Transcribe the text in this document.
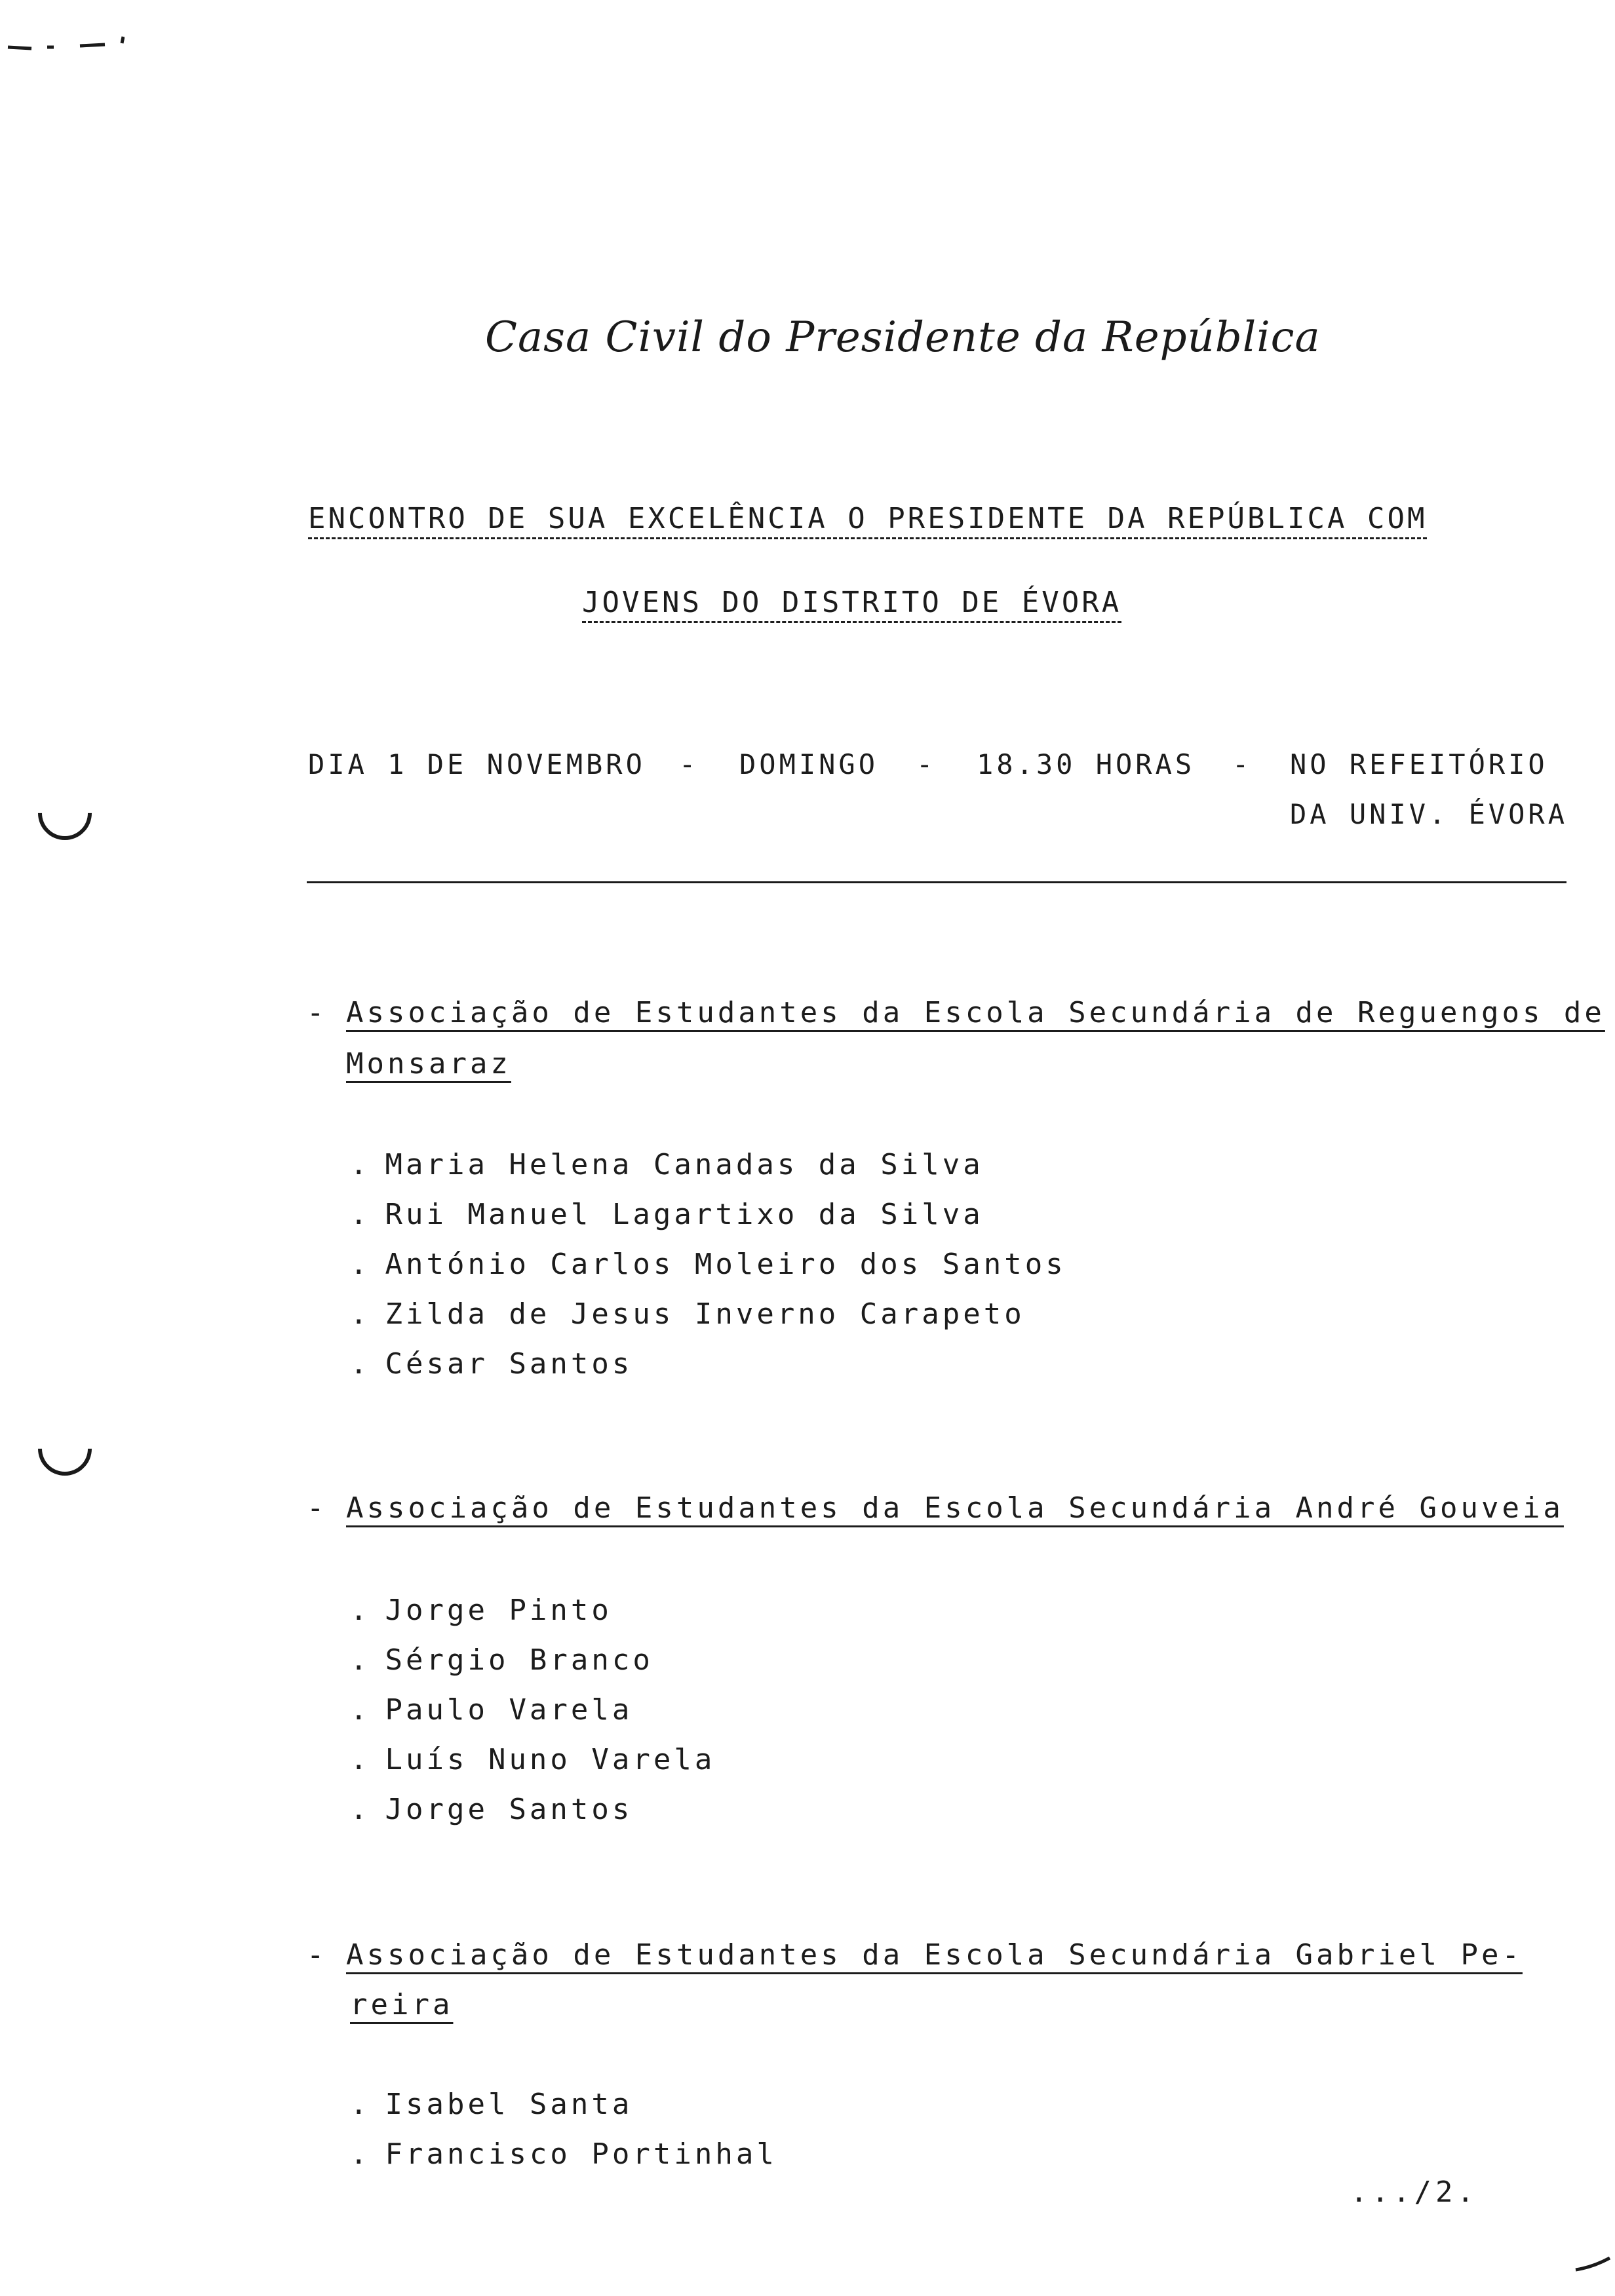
Casa Civil do Presidente da República
ENCONTRO DE SUA EXCELÊNCIA O PRESIDENTE DA REPÚBLICA COM
JOVENS DO DISTRITO DE ÉVORA
DIA 1 DE NOVEMBRO - DOMINGO - 18.30 HORAS - NO REFEITÓRIO
DA UNIV. ÉVORA
- Associação de Estudantes da Escola Secundária de Reguengos de
Monsaraz
. Maria Helena Canadas da Silva
. Rui Manuel Lagartixo da Silva
. António Carlos Moleiro dos Santos
. Zilda de Jesus Inverno Carapeto
. César Santos
- Associação de Estudantes da Escola Secundária André Gouveia
. Jorge Pinto
. Sérgio Branco
. Paulo Varela
. Luís Nuno Varela
. Jorge Santos
- Associação de Estudantes da Escola Secundária Gabriel Pe-
reira
. Isabel Santa
. Francisco Portinhal
.../2.
